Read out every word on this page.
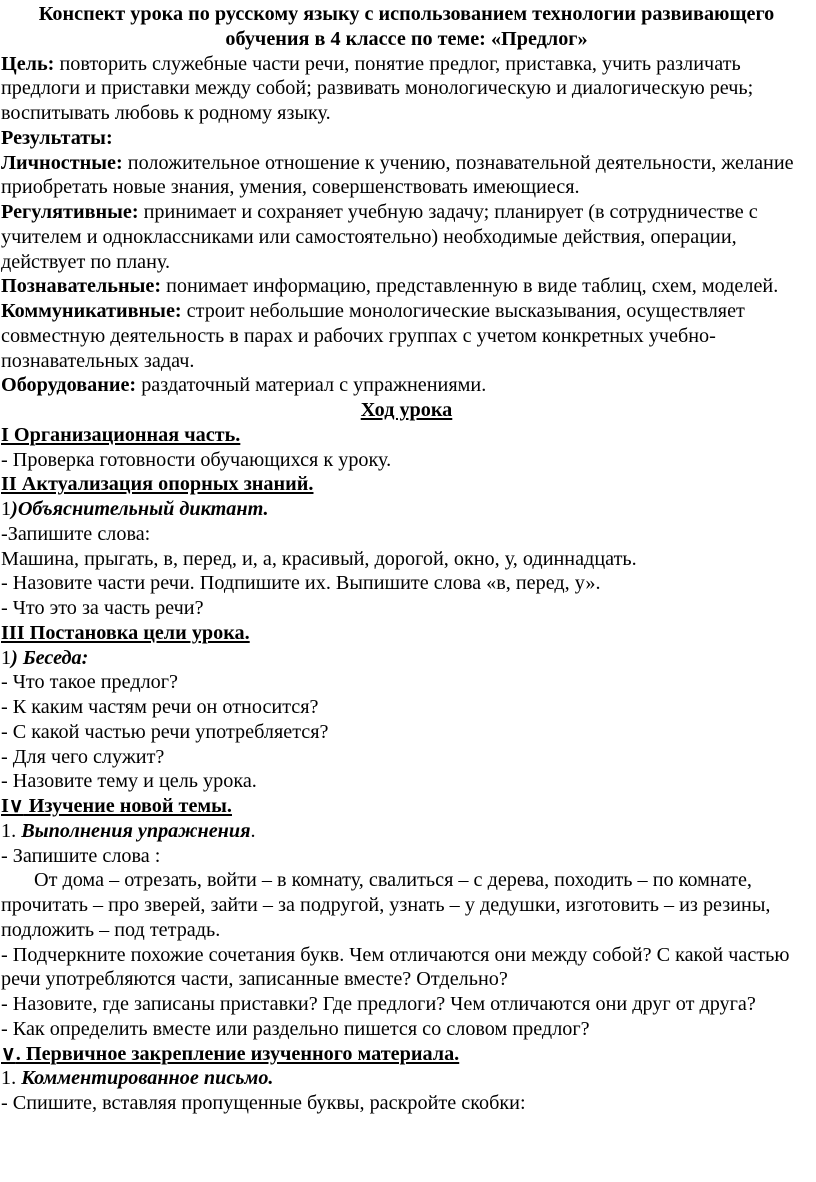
Конспект урока по русскому языку с использованием технологии развивающего обучения в 4 классе по теме: «Предлог»

Цель: повторить служебные части речи, понятие предлог, приставка, учить различать предлоги и приставки между собой; развивать монологическую и диалогическую речь; воспитывать любовь к родному языку.

Результаты:

Личностные: положительное отношение к учению, познавательной деятельности, желание приобретать новые знания, умения, совершенствовать имеющиеся.

Регулятивные: принимает и сохраняет учебную задачу; планирует (в сотрудничестве с учителем и одноклассниками или самостоятельно) необходимые действия, операции, действует по плану.

Познавательные: понимает информацию, представленную в виде таблиц, схем, моделей.

Коммуникативные: строит небольшие монологические высказывания, осуществляет совместную деятельность в парах и рабочих группах с учетом конкретных учебно-познавательных задач.

Оборудование: раздаточный материал с упражнениями.

Ход урока

I Организационная часть.

- Проверка готовности обучающихся к уроку.

II Актуализация опорных знаний.

1)Объяснительный диктант.

-Запишите слова:

Машина, прыгать, в, перед, и, а, красивый, дорогой, окно, у, одиннадцать.

- Назовите части речи. Подпишите их. Выпишите слова «в, перед, у».

- Что это за часть речи?

III Постановка цели урока.

1) Беседа:

- Что такое предлог?

- К каким частям речи он относится?

- С какой частью речи употребляется?

- Для чего служит?

- Назовите тему и цель урока.

I∨ Изучение новой темы.

1. Выполнения упражнения.

- Запишите слова :

От дома – отрезать, войти – в комнату, свалиться – с дерева, походить – по комнате, прочитать – про зверей, зайти – за подругой, узнать – у дедушки, изготовить – из резины, подложить – под тетрадь.

- Подчеркните похожие сочетания букв. Чем отличаются они между собой? С какой частью речи употребляются части, записанные вместе? Отдельно?

- Назовите, где записаны приставки? Где предлоги? Чем отличаются они друг от друга?

- Как определить вместе или раздельно пишется со словом предлог?

∨. Первичное закрепление изученного материала.

1. Комментированное письмо.

- Спишите, вставляя пропущенные буквы, раскройте скобки:
